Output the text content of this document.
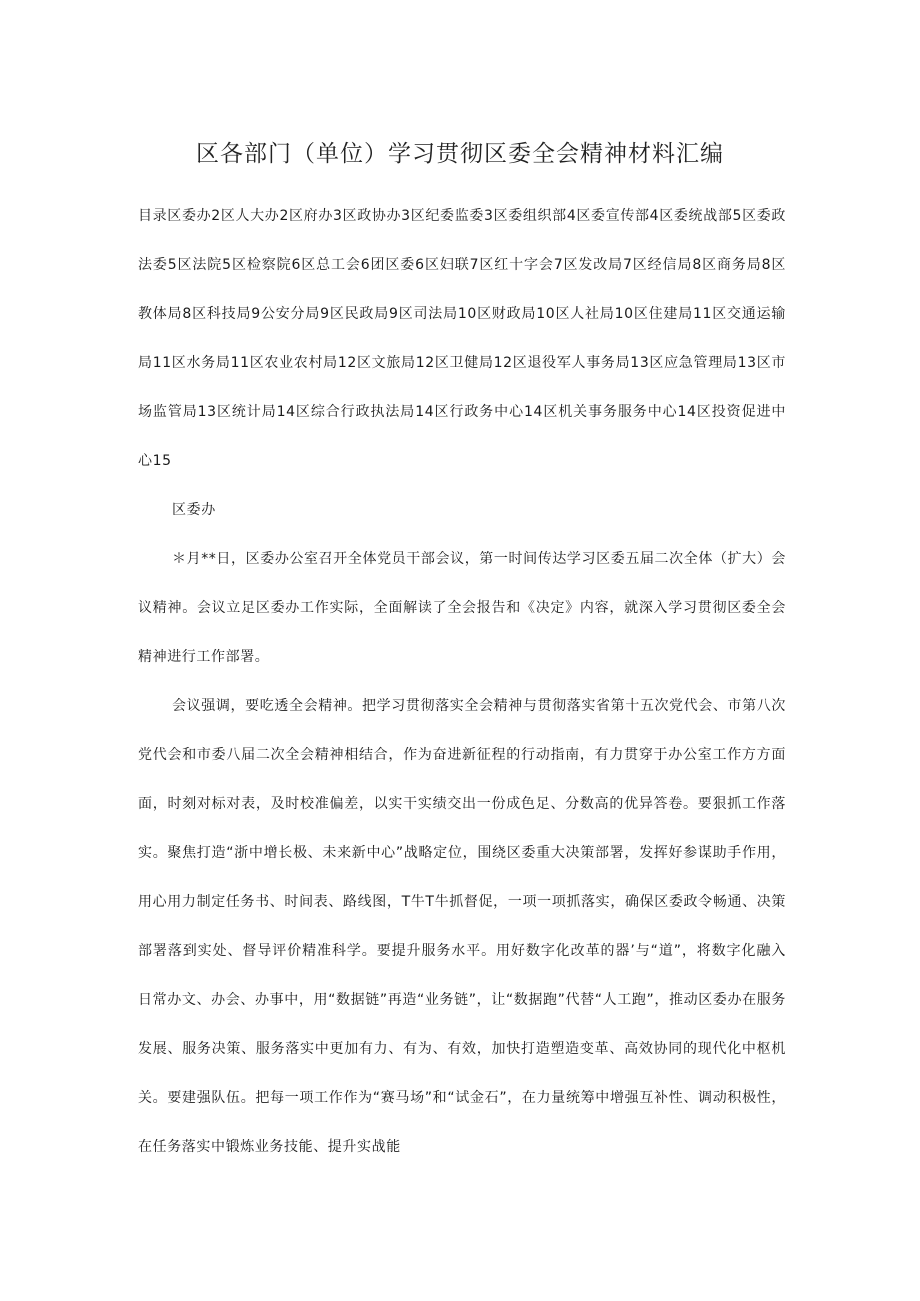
区各部门（单位）学习贯彻区委全会精神材料汇编
目录区委办2区人大办2区府办3区政协办3区纪委监委3区委组织部4区委宣传部4区委统战部5区委政法委5区法院5区检察院6区总工会6团区委6区妇联7区红十字会7区发改局7区经信局8区商务局8区教体局8区科技局9公安分局9区民政局9区司法局10区财政局10区人社局10区住建局11区交通运输局11区水务局11区农业农村局12区文旅局12区卫健局12区退役军人事务局13区应急管理局13区市场监管局13区统计局14区综合行政执法局14区行政务中心14区机关事务服务中心14区投资促进中心15
区委办
＊月**日，区委办公室召开全体党员干部会议，第一时间传达学习区委五届二次全体（扩大）会议精神。会议立足区委办工作实际，全面解读了全会报告和《决定》内容，就深入学习贯彻区委全会精神进行工作部署。
会议强调，要吃透全会精神。把学习贯彻落实全会精神与贯彻落实省第十五次党代会、市第八次党代会和市委八届二次全会精神相结合，作为奋进新征程的行动指南，有力贯穿于办公室工作方方面面，时刻对标对表，及时校准偏差，以实干实绩交出一份成色足、分数高的优异答卷。要狠抓工作落实。聚焦打造“浙中增长极、未来新中心”战略定位，围绕区委重大决策部署，发挥好参谋助手作用，用心用力制定任务书、时间表、路线图，T牛T牛抓督促，一项一项抓落实，确保区委政令畅通、决策部署落到实处、督导评价精准科学。要提升服务水平。用好数字化改革的器’与“道”，将数字化融入日常办文、办会、办事中，用“数据链”再造“业务链”，让“数据跑”代替“人工跑”，推动区委办在服务发展、服务决策、服务落实中更加有力、有为、有效，加快打造塑造变革、高效协同的现代化中枢机关。要建强队伍。把每一项工作作为“赛马场”和“试金石”，在力量统筹中增强互补性、调动积极性，在任务落实中锻炼业务技能、提升实战能
